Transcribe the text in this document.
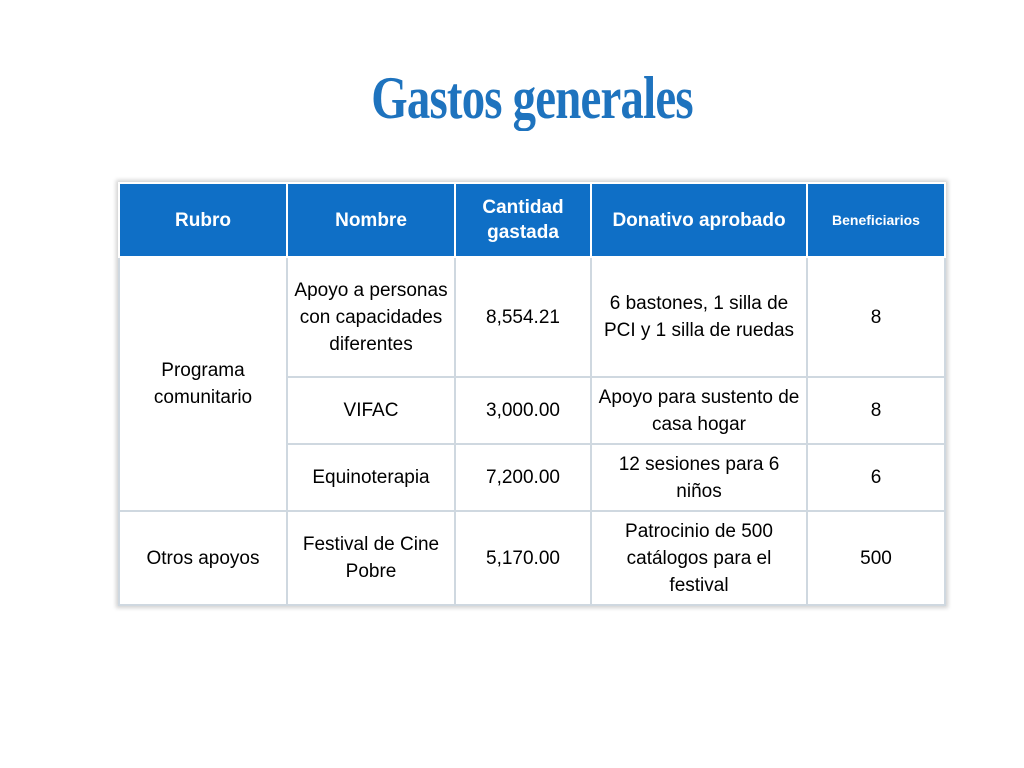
Gastos generales
Rubro	Nombre	Cantidad gastada	Donativo aprobado	Beneficiarios
Programa comunitario	Apoyo a personas con capacidades diferentes	8,554.21	6 bastones, 1 silla de PCI y 1 silla de ruedas	8
	VIFAC	3,000.00	Apoyo para sustento de casa hogar	8
	Equinoterapia	7,200.00	12 sesiones para 6 niños	6
Otros apoyos	Festival de Cine Pobre	5,170.00	Patrocinio de 500 catálogos para el festival	500
